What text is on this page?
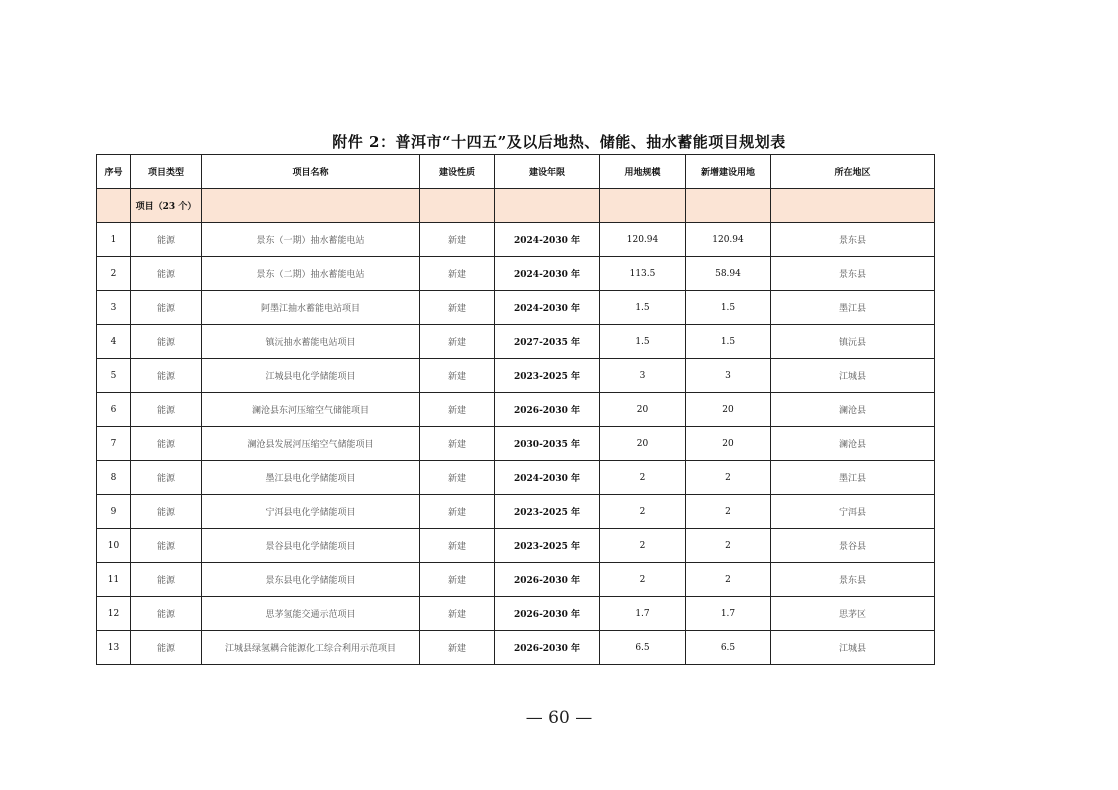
附件 2：普洱市“十四五”及以后地热、储能、抽水蓄能项目规划表
序号	项目类型	项目名称	建设性质	建设年限	用地规模	新增建设用地	所在地区
	项目（23 个）						
1	能源	景东（一期）抽水蓄能电站	新建	2024-2030 年	120.94	120.94	景东县
2	能源	景东（二期）抽水蓄能电站	新建	2024-2030 年	113.5	58.94	景东县
3	能源	阿墨江抽水蓄能电站项目	新建	2024-2030 年	1.5	1.5	墨江县
4	能源	镇沅抽水蓄能电站项目	新建	2027-2035 年	1.5	1.5	镇沅县
5	能源	江城县电化学储能项目	新建	2023-2025 年	3	3	江城县
6	能源	澜沧县东河压缩空气储能项目	新建	2026-2030 年	20	20	澜沧县
7	能源	澜沧县发展河压缩空气储能项目	新建	2030-2035 年	20	20	澜沧县
8	能源	墨江县电化学储能项目	新建	2024-2030 年	2	2	墨江县
9	能源	宁洱县电化学储能项目	新建	2023-2025 年	2	2	宁洱县
10	能源	景谷县电化学储能项目	新建	2023-2025 年	2	2	景谷县
11	能源	景东县电化学储能项目	新建	2026-2030 年	2	2	景东县
12	能源	思茅氢能交通示范项目	新建	2026-2030 年	1.7	1.7	思茅区
13	能源	江城县绿氢耦合能源化工综合利用示范项目	新建	2026-2030 年	6.5	6.5	江城县
— 60 —
